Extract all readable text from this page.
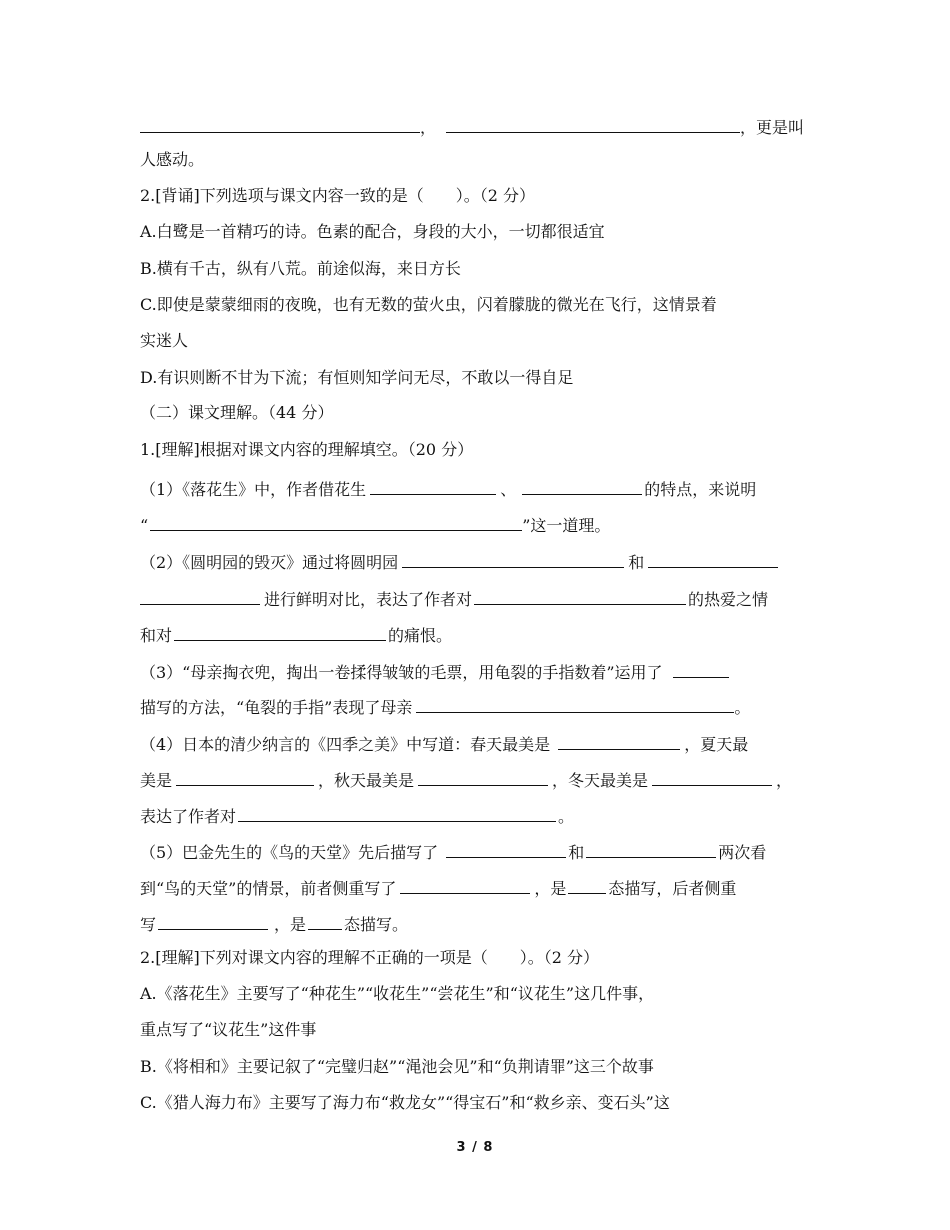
，	，更是叫
人感动。
2.[背诵]下列选项与课文内容一致的是（　　）。（2 分）
A.白鹭是一首精巧的诗。色素的配合，身段的大小，一切都很适宜
B.横有千古，纵有八荒。前途似海，来日方长
C.即使是蒙蒙细雨的夜晚，也有无数的萤火虫，闪着朦胧的微光在飞行，这情景着
实迷人
D.有识则断不甘为下流；有恒则知学问无尽，不敢以一得自足
（二）课文理解。（44 分）
1.[理解]根据对课文内容的理解填空。（20 分）
（1）《落花生》中，作者借花生	、	的特点，来说明
“	”这一道理。
（2）《圆明园的毁灭》通过将圆明园	和
进行鲜明对比，表达了作者对	的热爱之情
和对	的痛恨。
（3）“母亲掏衣兜，掏出一卷揉得皱皱的毛票，用龟裂的手指数着”运用了
描写的方法，“龟裂的手指”表现了母亲	。
（4）日本的清少纳言的《四季之美》中写道：春天最美是	，夏天最
美是	，秋天最美是	，冬天最美是	，
表达了作者对	。
（5）巴金先生的《鸟的天堂》先后描写了	和	两次看
到“鸟的天堂”的情景，前者侧重写了	，是	态描写，后者侧重
写	，是 态描写。
2.[理解]下列对课文内容的理解不正确的一项是（　　）。（2 分）
A.《落花生》主要写了“种花生”“收花生”“尝花生”和“议花生”这几件事，
重点写了“议花生”这件事
B.《将相和》主要记叙了“完璧归赵”“渑池会见”和“负荆请罪”这三个故事
C.《猎人海力布》主要写了海力布“救龙女”“得宝石”和“救乡亲、变石头”这
3 / 8
